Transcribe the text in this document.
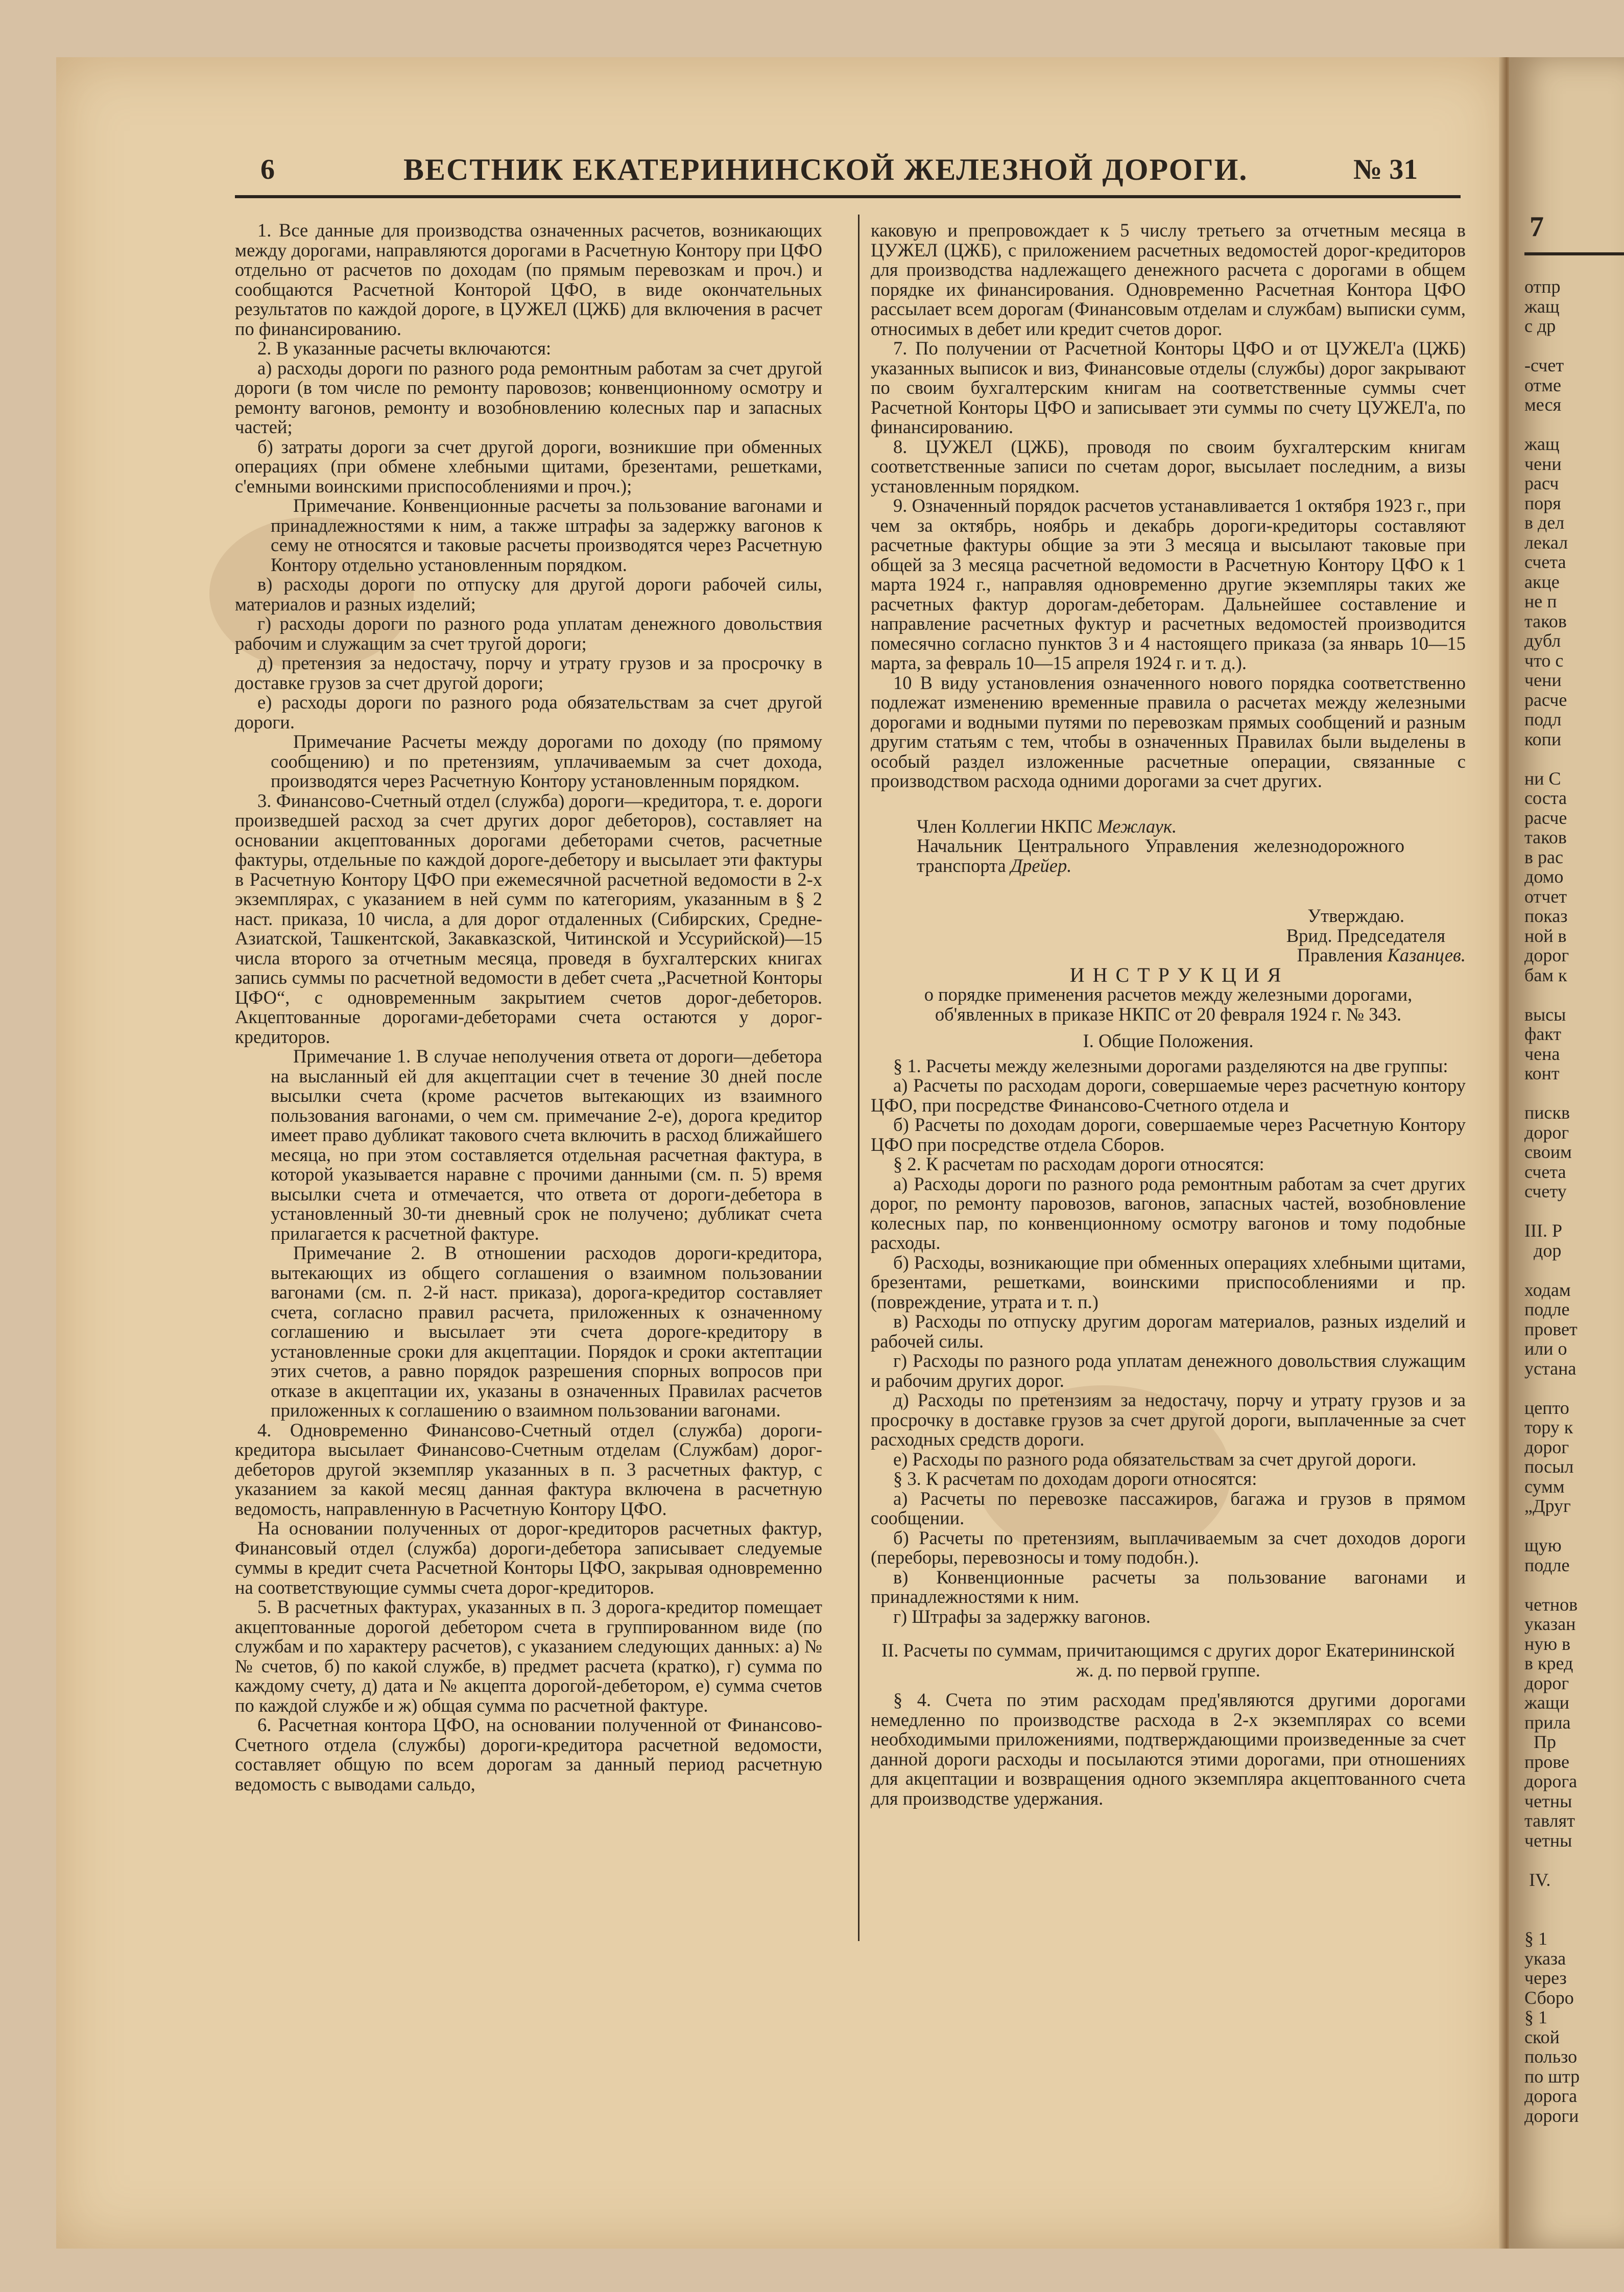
7
отпр
жащ
с др

-счет
отме
меся

жащ
чени
расч
поря
в дел
лекал
счета
акце
не п
таков
дубл
что с
чени
расче
подл
копи

ни С
соста
расче
таков
в рас
домо
отчет
показ
ной в
дорог
бам к

высы
факт
чена
конт

пискв
дорог
своим
счета
счету

III. Р
дор

ходам
подле
провет
или о
устана

цепто
тору к
дорог
посыл
сумм
„Друг

щую
подле

четнов
указан
ную в
в кред
дорог
жащи
прила
Пр
прове
дорога
четны
тавлят
четны

IV.

§ 1
указа
через
Сборо
§ 1
ской
пользо
по штр
дорога
дороги
6	ВЕСТНИК ЕКАТЕРИНИНСКОЙ ЖЕЛЕЗНОЙ ДОРОГИ.	№ 31

1. Все данные для производства означенных расчетов, возникающих между дорогами, направляются дорогами в Расчетную Контору при ЦФО отдельно от расчетов по доходам (по прямым перевозкам и проч.) и сообщаются Расчетной Конторой ЦФО, в виде окончательных результатов по каждой дороге, в ЦУЖЕЛ (ЦЖБ) для включения в расчет по финансированию.

2. В указанные расчеты включаются:

а) расходы дороги по разного рода ремонтным работам за счет другой дороги (в том числе по ремонту паровозов; конвенционному осмотру и ремонту вагонов, ремонту и возобновлению колесных пар и запасных частей;

б) затраты дороги за счет другой дороги, возникшие при обменных операциях (при обмене хлебными щитами, брезентами, решетками, с'емными воинскими приспособлениями и проч.);

Примечание. Конвенционные расчеты за пользование вагонами и принадлежностями к ним, а также штрафы за задержку вагонов к сему не относятся и таковые расчеты производятся через Расчетную Контору отдельно установленным порядком.

в) расходы дороги по отпуску для другой дороги рабочей силы, материалов и разных изделий;

г) расходы дороги по разного рода уплатам денежного довольствия рабочим и служащим за счет тругой дороги;

д) претензия за недостачу, порчу и утрату грузов и за просрочку в доставке грузов за счет другой дороги;

е) расходы дороги по разного рода обязательствам за счет другой дороги.

Примечание Расчеты между дорогами по доходу (по прямому сообщению) и по претензиям, уплачиваемым за счет дохода, производятся через Расчетную Контору установленным порядком.

3. Финансово-Счетный отдел (служба) дороги—кредитора, т. е. дороги произведшей расход за счет других дорог дебеторов), составляет на основании акцептованных дорогами дебеторами счетов, расчетные фактуры, отдельные по каждой дороге-дебетору и высылает эти фактуры в Расчетную Контору ЦФО при ежемесячной расчетной ведомости в 2-х экземплярах, с указанием в ней сумм по категориям, указанным в § 2 наст. приказа, 10 числа, а для дорог отдаленных (Сибирских, Средне-Азиатской, Ташкентской, Закавказской, Читинской и Уссурийской)—15 числа второго за отчетным месяца, проведя в бухгалтерских книгах запись суммы по расчетной ведомости в дебет счета „Расчетной Конторы ЦФО“, с одновременным закрытием счетов дорог-дебеторов. Акцептованные дорогами-дебеторами счета остаются у дорог-кредиторов.

Примечание 1. В случае неполучения ответа от дороги—дебетора на высланный ей для акцептации счет в течение 30 дней после высылки счета (кроме расчетов вытекающих из взаимного пользования вагонами, о чем см. примечание 2-е), дорога кредитор имеет право дубликат такового счета включить в расход ближайшего месяца, но при этом составляется отдельная расчетная фактура, в которой указывается наравне с прочими данными (см. п. 5) время высылки счета и отмечается, что ответа от дороги-дебетора в установленный 30-ти дневный срок не получено; дубликат счета прилагается к расчетной фактуре.

Примечание 2. В отношении расходов дороги-кредитора, вытекающих из общего соглашения о взаимном пользовании вагонами (см. п. 2-й наст. приказа), дорога-кредитор составляет счета, согласно правил расчета, приложенных к означенному соглашению и высылает эти счета дороге-кредитору в установленные сроки для акцептации. Порядок и сроки актептации этих счетов, а равно порядок разрешения спорных вопросов при отказе в акцептации их, указаны в означенных Правилах расчетов приложенных к соглашению о взаимном пользовании вагонами.

4. Одновременно Финансово-Счетный отдел (служба) дороги-кредитора высылает Финансово-Счетным отделам (Службам) дорог-дебеторов другой экземпляр указанных в п. 3 расчетных фактур, с указанием за какой месяц данная фактура включена в расчетную ведомость, направленную в Расчетную Контору ЦФО.

На основании полученных от дорог-кредиторов расчетных фактур, Финансовый отдел (служба) дороги-дебетора записывает следуемые суммы в кредит счета Расчетной Конторы ЦФО, закрывая одновременно на соответствующие суммы счета дорог-кредиторов.

5. В расчетных фактурах, указанных в п. 3 дорога-кредитор помещает акцептованные дорогой дебетором счета в группированном виде (по службам и по характеру расчетов), с указанием следующих данных: а) №№ счетов, б) по какой службе, в) предмет расчета (кратко), г) сумма по каждому счету, д) дата и № акцепта дорогой-дебетором, е) сумма счетов по каждой службе и ж) общая сумма по расчетной фактуре.

6. Расчетная контора ЦФО, на основании полученной от Финансово-Счетного отдела (службы) дороги-кредитора расчетной ведомости, составляет общую по всем дорогам за данный период расчетную ведомость с выводами сальдо,

каковую и препровождает к 5 числу третьего за отчетным месяца в ЦУЖЕЛ (ЦЖБ), с приложением расчетных ведомостей дорог-кредиторов для производства надлежащего денежного расчета с дорогами в общем порядке их финансирования. Одновременно Расчетная Контора ЦФО рассылает всем дорогам (Финансовым отделам и службам) выписки сумм, относимых в дебет или кредит счетов дорог.

7. По получении от Расчетной Конторы ЦФО и от ЦУЖЕЛ'а (ЦЖБ) указанных выписок и виз, Финансовые отделы (службы) дорог закрывают по своим бухгалтерским книгам на соответственные суммы счет Расчетной Конторы ЦФО и записывает эти суммы по счету ЦУЖЕЛ'а, по финансированию.

8. ЦУЖЕЛ (ЦЖБ), проводя по своим бухгалтерским книгам соответственные записи по счетам дорог, высылает последним, а визы установленным порядком.

9. Означенный порядок расчетов устанавливается 1 октября 1923 г., при чем за октябрь, ноябрь и декабрь дороги-кредиторы составляют расчетные фактуры общие за эти 3 месяца и высылают таковые при общей за 3 месяца расчетной ведомости в Расчетную Контору ЦФО к 1 марта 1924 г., направляя одновременно другие экземпляры таких же расчетных фактур дорогам-дебеторам. Дальнейшее составление и направление расчетных фуктур и расчетных ведомостей производится помесячно согласно пунктов 3 и 4 настоящего приказа (за январь 10—15 марта, за февраль 10—15 апреля 1924 г. и т. д.).

10 В виду установления означенного нового порядка соответственно подлежат изменению временные правила о расчетах между железными дорогами и водными путями по перевозкам прямых сообщений и разным другим статьям с тем, чтобы в означенных Правилах были выделены в особый раздел изложенные расчетные операции, связанные с производством расхода одними дорогами за счет других.

Член Коллегии НКПС Межлаук.

Начальник Центрального Управления железнодорожного транспорта Дрейер.

Утверждаю.

Врид. Председателя

Правления Казанцев.

ИНСТРУКЦИЯ

о порядке применения расчетов между железными дорогами, об'явленных в приказе НКПС от 20 февраля 1924 г. № 343.

I. Общие Положения.

§ 1. Расчеты между железными дорогами разделяются на две группы:

а) Расчеты по расходам дороги, совершаемые через расчетную контору ЦФО, при посредстве Финансово-Счетного отдела и

б) Расчеты по доходам дороги, совершаемые через Расчетную Контору ЦФО при посредстве отдела Сборов.

§ 2. К расчетам по расходам дороги относятся:

а) Расходы дороги по разного рода ремонтным работам за счет других дорог, по ремонту паровозов, вагонов, запасных частей, возобновление колесных пар, по конвенционному осмотру вагонов и тому подобные расходы.

б) Расходы, возникающие при обменных операциях хлебными щитами, брезентами, решетками, воинскими приспособлениями и пр. (повреждение, утрата и т. п.)

в) Расходы по отпуску другим дорогам материалов, разных изделий и рабочей силы.

г) Расходы по разного рода уплатам денежного довольствия служащим и рабочим других дорог.

д) Расходы по претензиям за недостачу, порчу и утрату грузов и за просрочку в доставке грузов за счет другой дороги, выплаченные за счет расходных средств дороги.

е) Расходы по разного рода обязательствам за счет другой дороги.

§ 3. К расчетам по доходам дороги относятся:

а) Расчеты по перевозке пассажиров, багажа и грузов в прямом сообщении.

б) Расчеты по претензиям, выплачиваемым за счет доходов дороги (переборы, перевозносы и тому подобн.).

в) Конвенционные расчеты за пользование вагонами и принадлежностями к ним.

г) Штрафы за задержку вагонов.

II. Расчеты по суммам, причитающимся с других дорог Екатерининской ж. д. по первой группе.

§ 4. Счета по этим расходам пред'являются другими дорогами немедленно по производстве расхода в 2-х экземплярах со всеми необходимыми приложениями, подтверждающими произведенные за счет данной дороги расходы и посылаются этими дорогами, при отношениях для акцептации и возвращения одного экземпляра акцептованного счета для производстве удержания.
